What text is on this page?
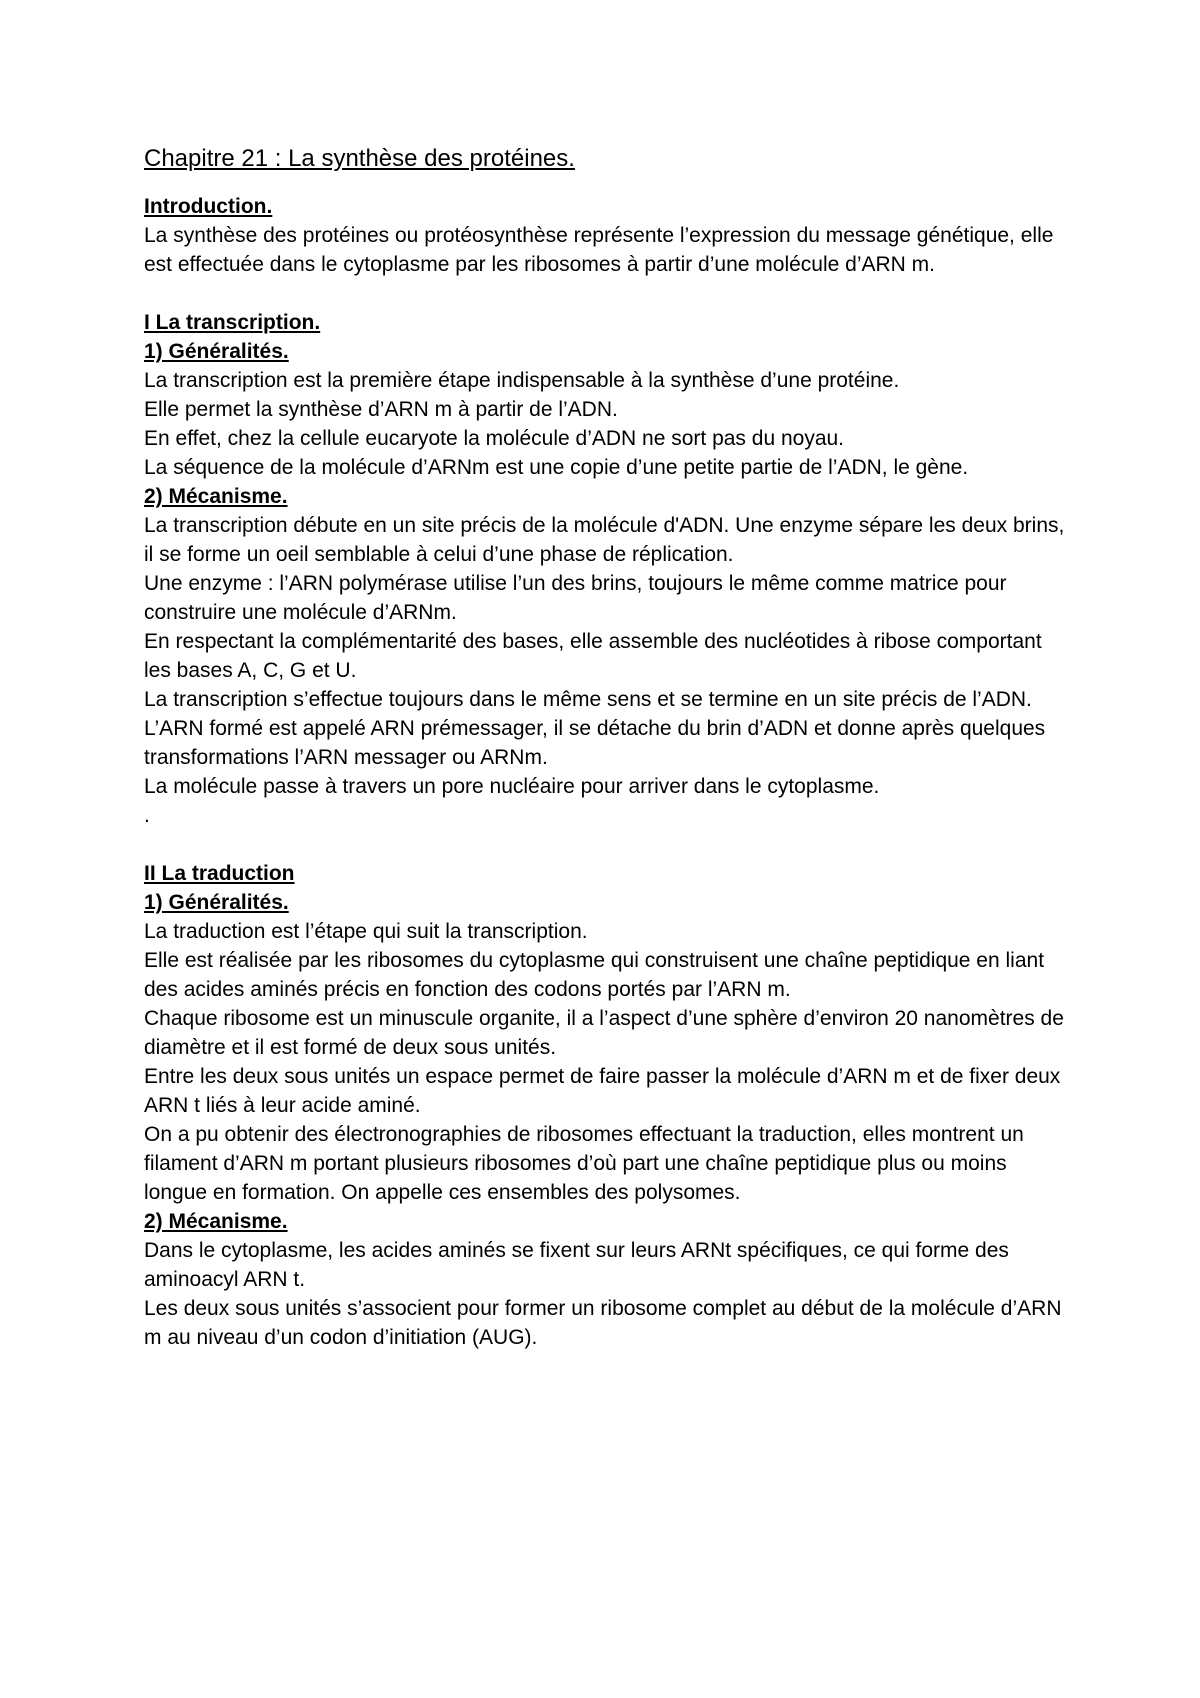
Chapitre 21 : La synthèse des protéines.
Introduction.
La synthèse des protéines ou protéosynthèse représente l’expression du message génétique, elle est effectuée dans le cytoplasme par les ribosomes à partir d’une molécule d’ARN m.
I La transcription.
1) Généralités.
La transcription est la première étape indispensable à la synthèse d’une protéine.
Elle permet la synthèse d’ARN m à partir de l’ADN.
En effet, chez la cellule eucaryote la molécule d’ADN ne sort pas du noyau.
La séquence de la molécule d’ARNm est une copie d’une petite partie de l’ADN, le gène.
2) Mécanisme.
La transcription débute en un site précis de la molécule d'ADN. Une enzyme sépare les deux brins, il se forme un oeil semblable à celui d’une phase de réplication.
Une enzyme : l’ARN polymérase utilise l’un des brins, toujours le même comme matrice pour construire une molécule d’ARNm.
En respectant la complémentarité des bases, elle assemble des nucléotides à ribose comportant les bases A, C, G et U.
La transcription s’effectue toujours dans le même sens et se termine en un site précis de l’ADN.
L’ARN formé est appelé ARN prémessager, il se détache du brin d’ADN et donne après quelques transformations l’ARN messager ou ARNm.
La molécule passe à travers un pore nucléaire pour arriver dans le cytoplasme.
.
II La traduction
1) Généralités.
La traduction est l’étape qui suit la transcription.
Elle est réalisée par les ribosomes du cytoplasme qui construisent une chaîne peptidique en liant des acides aminés précis en fonction des codons portés par l’ARN m.
Chaque ribosome est un minuscule organite, il a l’aspect d’une sphère d’environ 20 nanomètres de diamètre et il est formé de deux sous unités.
Entre les deux sous unités un espace permet de faire passer la molécule d’ARN m et de fixer deux ARN t liés à leur acide aminé.
On a pu obtenir des électronographies de ribosomes effectuant la traduction, elles montrent un filament d’ARN m portant plusieurs ribosomes d’où part une chaîne peptidique plus ou moins longue en formation. On appelle ces ensembles des polysomes.
2) Mécanisme.
Dans le cytoplasme, les acides aminés se fixent sur leurs ARNt spécifiques, ce qui forme des aminoacyl ARN t.
Les deux sous unités s’associent pour former un ribosome complet au début de la molécule d’ARN m au niveau d’un codon d’initiation (AUG).
